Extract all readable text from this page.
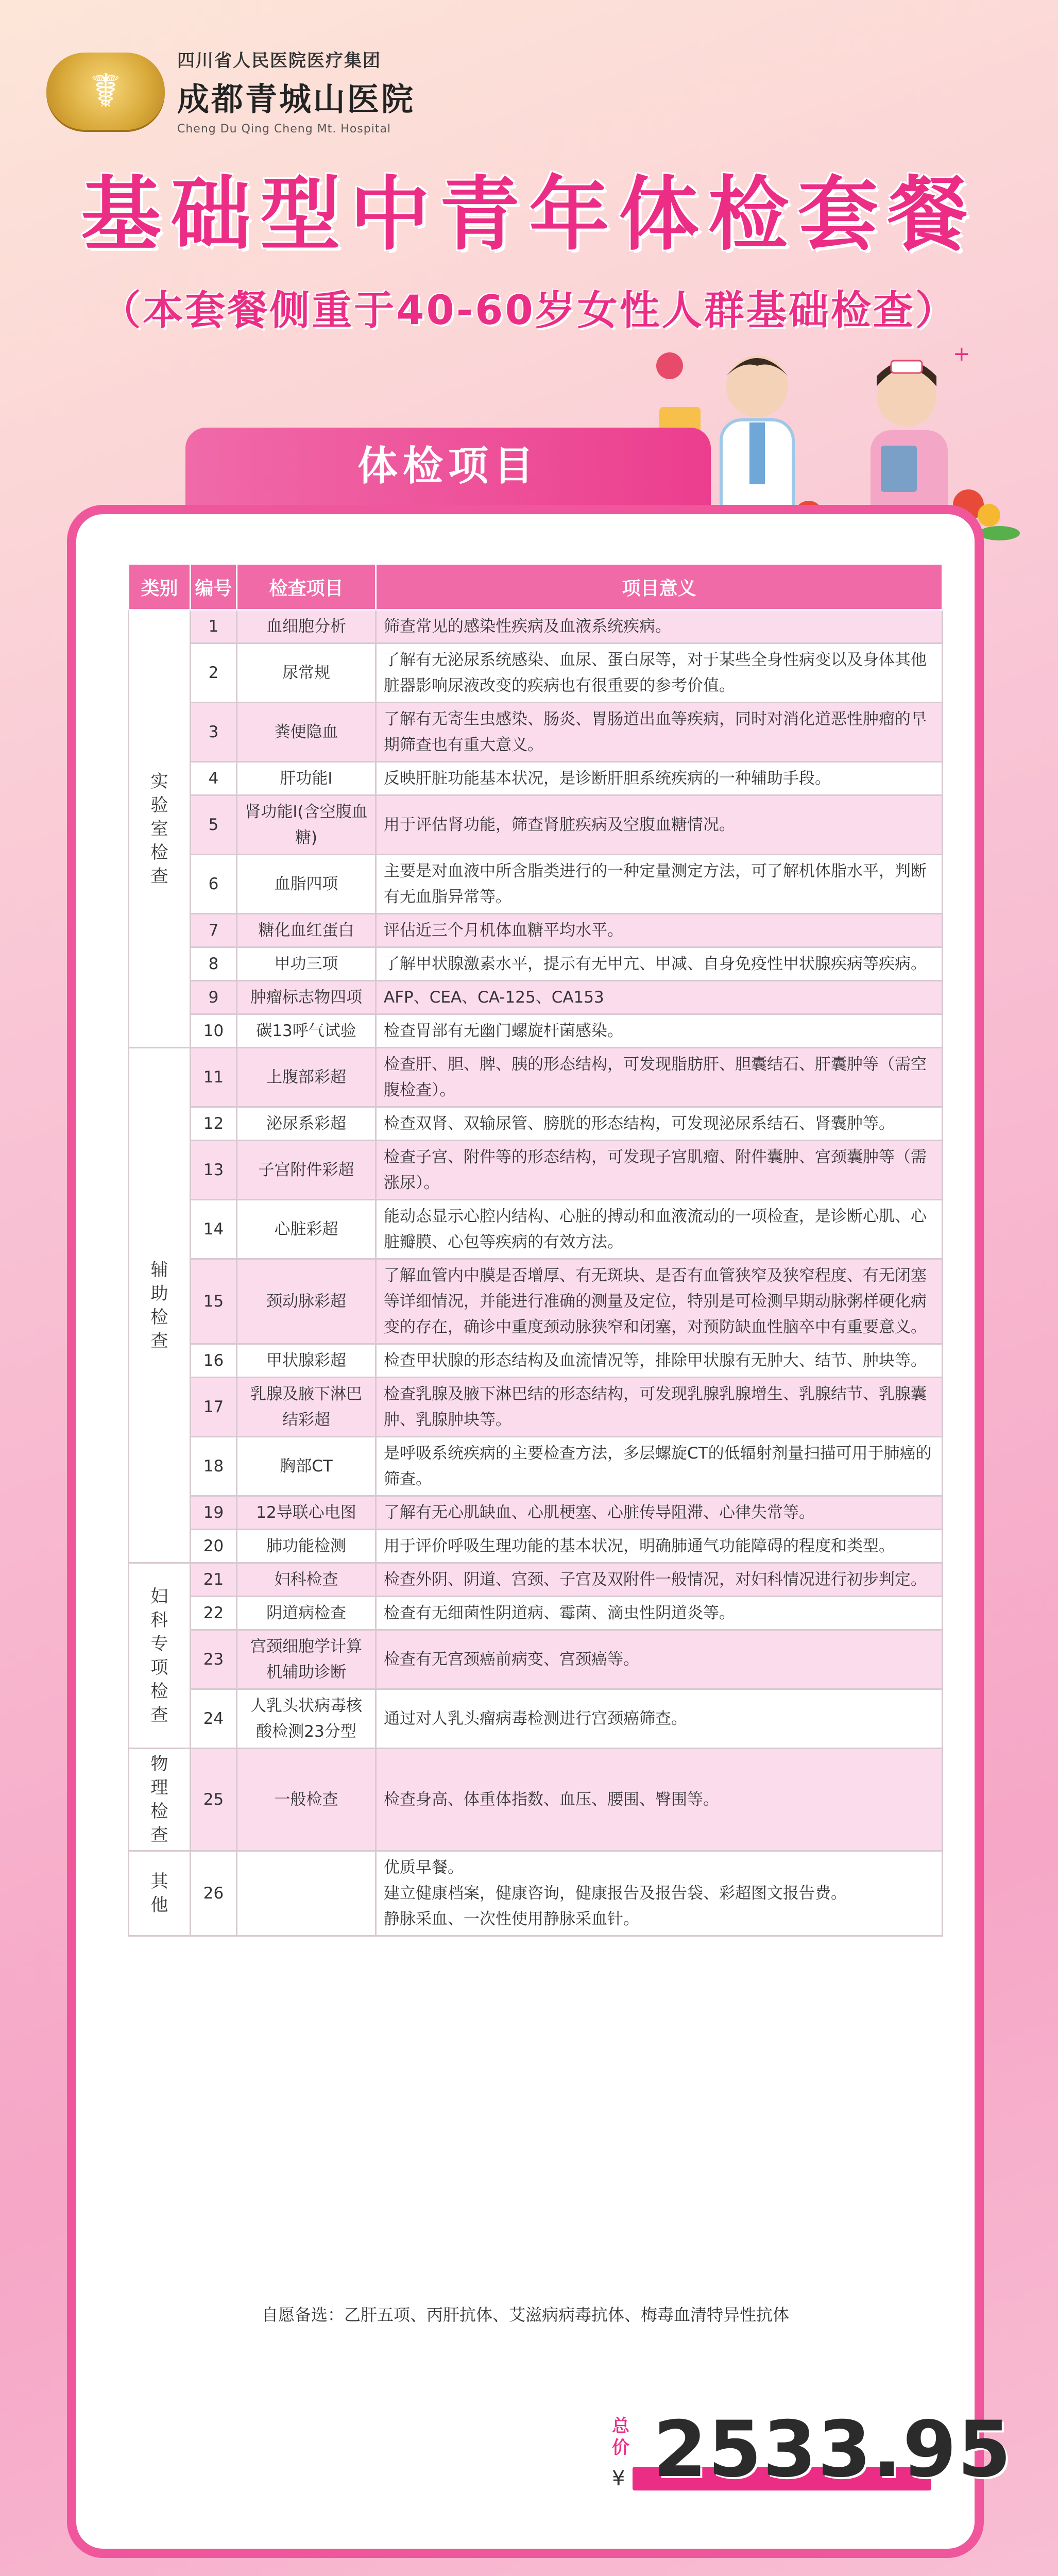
☤
四川省人民医院医疗集团
成都青城山医院
Cheng Du Qing Cheng Mt. Hospital
基础型中青年体检套餐
（本套餐侧重于40-60岁女性人群基础检查）
+
体检项目
类别	编号	检查项目	项目意义
实验室检查	1	血细胞分析	筛查常见的感染性疾病及血液系统疾病。
	2	尿常规	了解有无泌尿系统感染、血尿、蛋白尿等，对于某些全身性病变以及身体其他脏器影响尿液改变的疾病也有很重要的参考价值。
	3	粪便隐血	了解有无寄生虫感染、肠炎、胃肠道出血等疾病，同时对消化道恶性肿瘤的早期筛查也有重大意义。
	4	肝功能I	反映肝脏功能基本状况，是诊断肝胆系统疾病的一种辅助手段。
	5	肾功能I(含空腹血糖)	用于评估肾功能，筛查肾脏疾病及空腹血糖情况。
	6	血脂四项	主要是对血液中所含脂类进行的一种定量测定方法，可了解机体脂水平，判断有无血脂异常等。
	7	糖化血红蛋白	评估近三个月机体血糖平均水平。
	8	甲功三项	了解甲状腺激素水平，提示有无甲亢、甲减、自身免疫性甲状腺疾病等疾病。
	9	肿瘤标志物四项	AFP、CEA、CA-125、CA153
	10	碳13呼气试验	检查胃部有无幽门螺旋杆菌感染。
辅助检查	11	上腹部彩超	检查肝、胆、脾、胰的形态结构，可发现脂肪肝、胆囊结石、肝囊肿等（需空腹检查）。
	12	泌尿系彩超	检查双肾、双输尿管、膀胱的形态结构，可发现泌尿系结石、肾囊肿等。
	13	子宫附件彩超	检查子宫、附件等的形态结构，可发现子宫肌瘤、附件囊肿、宫颈囊肿等（需涨尿）。
	14	心脏彩超	能动态显示心腔内结构、心脏的搏动和血液流动的一项检查，是诊断心肌、心脏瓣膜、心包等疾病的有效方法。
	15	颈动脉彩超	了解血管内中膜是否增厚、有无斑块、是否有血管狭窄及狭窄程度、有无闭塞等详细情况，并能进行准确的测量及定位，特别是可检测早期动脉粥样硬化病变的存在，确诊中重度颈动脉狭窄和闭塞，对预防缺血性脑卒中有重要意义。
	16	甲状腺彩超	检查甲状腺的形态结构及血流情况等，排除甲状腺有无肿大、结节、肿块等。
	17	乳腺及腋下淋巴结彩超	检查乳腺及腋下淋巴结的形态结构，可发现乳腺乳腺增生、乳腺结节、乳腺囊肿、乳腺肿块等。
	18	胸部CT	是呼吸系统疾病的主要检查方法，多层螺旋CT的低辐射剂量扫描可用于肺癌的筛查。
	19	12导联心电图	了解有无心肌缺血、心肌梗塞、心脏传导阻滞、心律失常等。
	20	肺功能检测	用于评价呼吸生理功能的基本状况，明确肺通气功能障碍的程度和类型。
妇科专项检查	21	妇科检查	检查外阴、阴道、宫颈、子宫及双附件一般情况，对妇科情况进行初步判定。
	22	阴道病检查	检查有无细菌性阴道病、霉菌、滴虫性阴道炎等。
	23	宫颈细胞学计算机辅助诊断	检查有无宫颈癌前病变、宫颈癌等。
	24	人乳头状病毒核酸检测23分型	通过对人乳头瘤病毒检测进行宫颈癌筛查。
物理检查	25	一般检查	检查身高、体重体指数、血压、腰围、臀围等。
其他	26		优质早餐。
建立健康档案，健康咨询，健康报告及报告袋、彩超图文报告费。
静脉采血、一次性使用静脉采血针。
自愿备选：乙肝五项、丙肝抗体、艾滋病病毒抗体、梅毒血清特异性抗体
总价
¥ 2533.95
